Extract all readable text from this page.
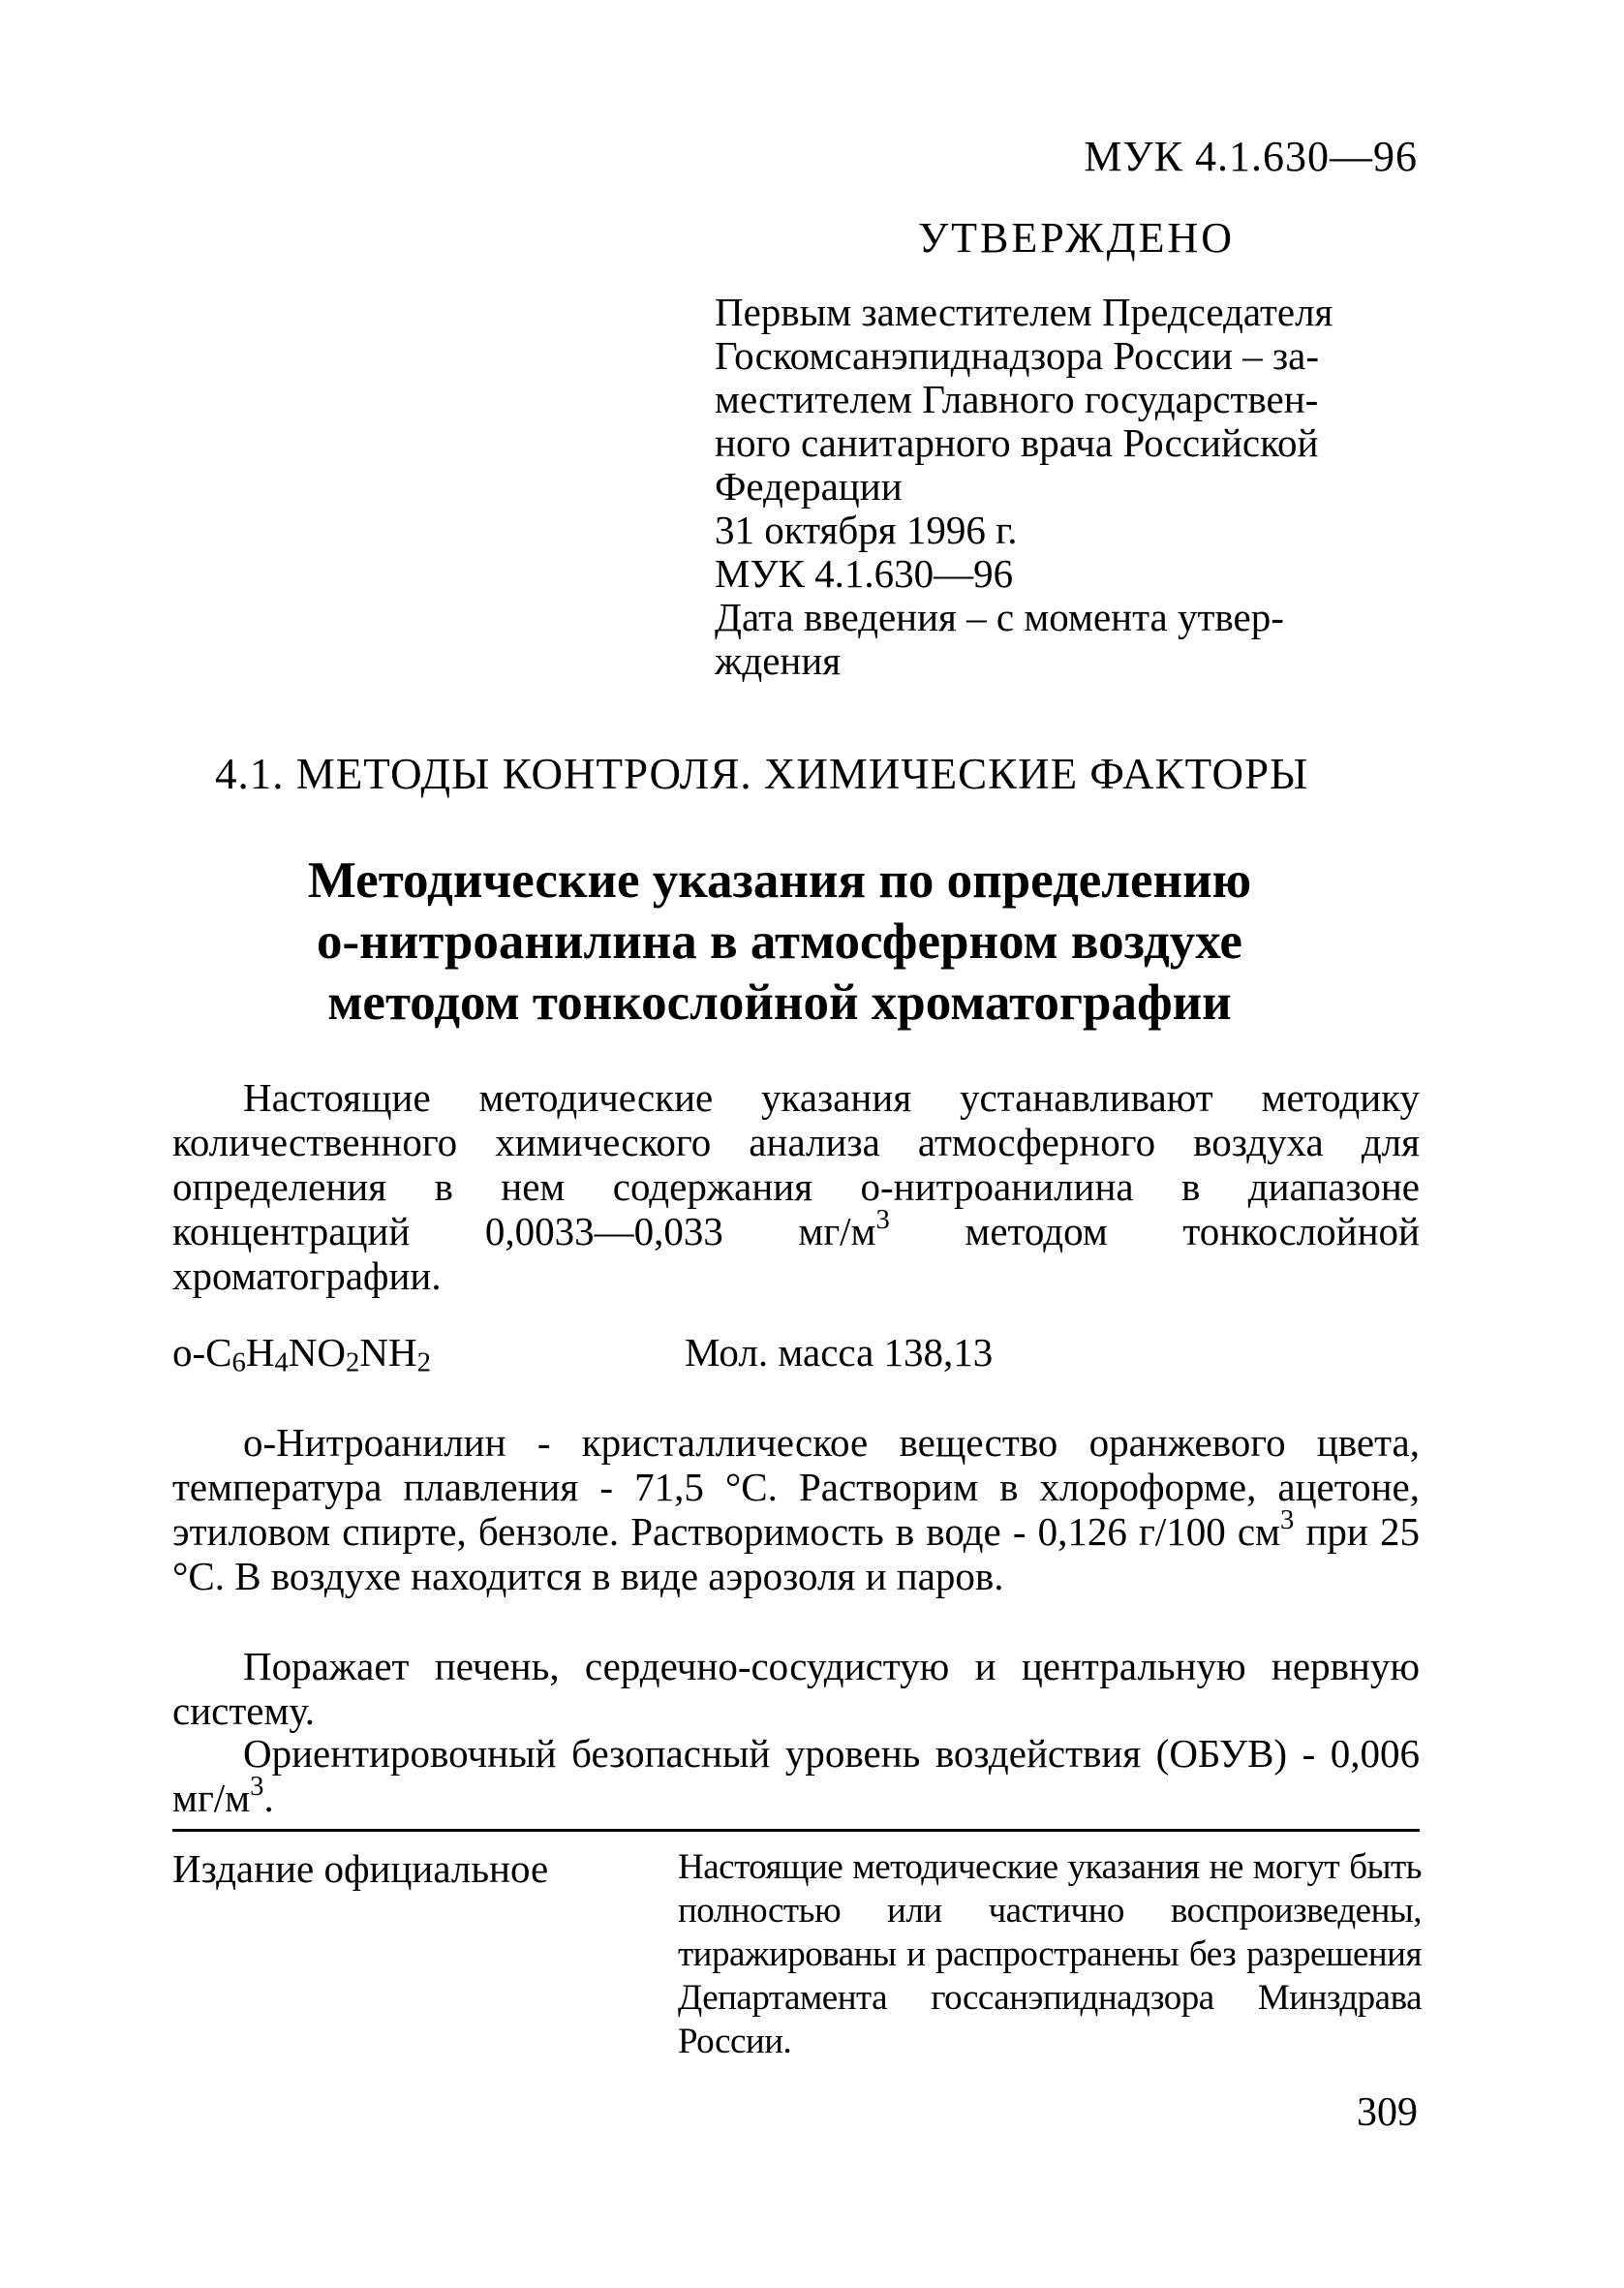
МУК 4.1.630—96
УТВЕРЖДЕНО
Первым заместителем Председателя
Госкомсанэпиднадзора России – за-
местителем Главного государствен-
ного санитарного врача Российской
Федерации
31 октября 1996 г.
МУК 4.1.630—96
Дата введения – с момента утвер-
ждения
4.1. МЕТОДЫ КОНТРОЛЯ. ХИМИЧЕСКИЕ ФАКТОРЫ
Методические указания по определению
о-нитроанилина в атмосферном воздухе
методом тонкослойной хроматографии
Настоящие методические указания устанавливают методику количественного химического анализа атмосферного воздуха для определения в нем содержания о-нитроанилина в диапазоне концентраций 0,0033—0,033 $мг/м^3$ методом тонкослойной хроматографии.
$о-C_6H_4NO_2NH_2$	Мол. масса 138,13
о-Нитроанилин - кристаллическое вещество оранжевого цвета, температура плавления - 71,5 °С. Растворим в хлороформе, ацетоне, этиловом спирте, бензоле. Растворимость в воде - 0,126 г/100 $см^3$ при 25 °С. В воздухе находится в виде аэрозоля и паров.
Поражает печень, сердечно-сосудистую и центральную нервную систему.
Ориентировочный безопасный уровень воздействия (ОБУВ) - 0,006 $мг/м^3$.
Издание официальное	Настоящие методические указания не могут быть полностью или частично воспроизведены, тиражированы и распространены без разрешения Департамента госсанэпиднадзора Минздрава России.
309
